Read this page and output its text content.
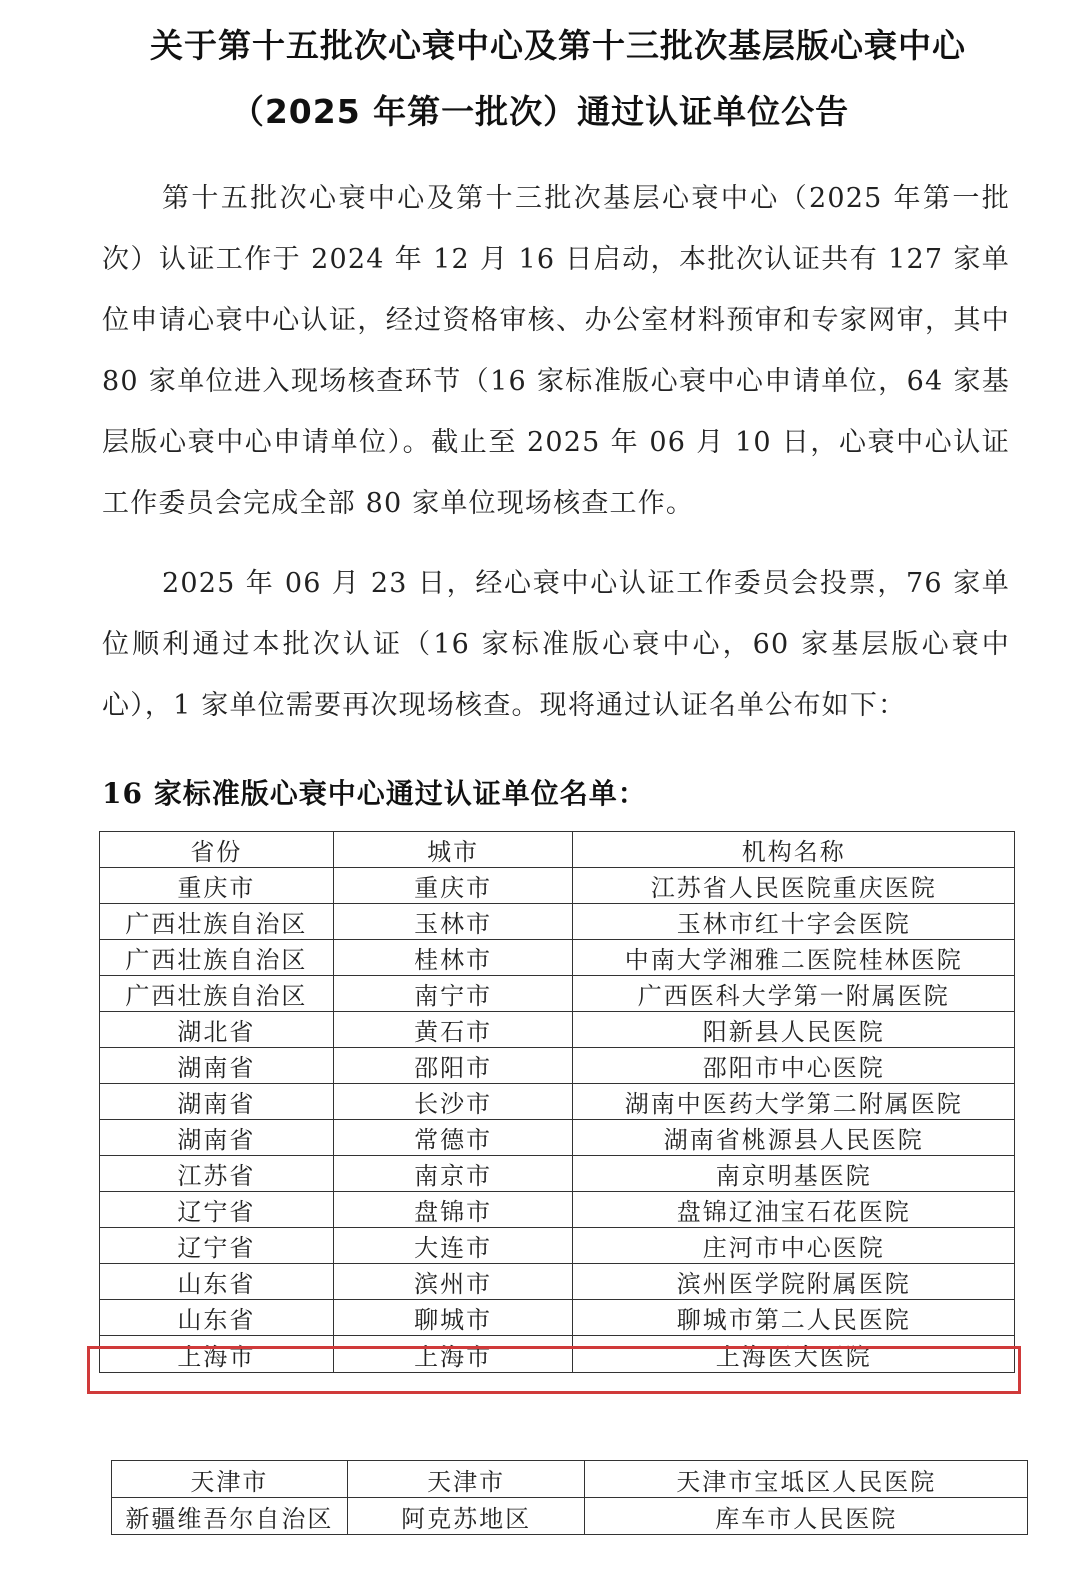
关于第十五批次心衰中心及第十三批次基层版心衰中心
（2025 年第一批次）通过认证单位公告

第十五批次心衰中心及第十三批次基层心衰中心（2025 年第一批次）认证工作于 2024 年 12 月 16 日启动，本批次认证共有 127 家单位申请心衰中心认证，经过资格审核、办公室材料预审和专家网审，其中 80 家单位进入现场核查环节（16 家标准版心衰中心申请单位，64 家基层版心衰中心申请单位）。截止至 2025 年 06 月 10 日，心衰中心认证工作委员会完成全部 80 家单位现场核查工作。

2025 年 06 月 23 日，经心衰中心认证工作委员会投票，76 家单位顺利通过本批次认证（16 家标准版心衰中心，60 家基层版心衰中心），1 家单位需要再次现场核查。现将通过认证名单公布如下：

16 家标准版心衰中心通过认证单位名单：
省份	城市	机构名称
重庆市	重庆市	江苏省人民医院重庆医院
广西壮族自治区	玉林市	玉林市红十字会医院
广西壮族自治区	桂林市	中南大学湘雅二医院桂林医院
广西壮族自治区	南宁市	广西医科大学第一附属医院
湖北省	黄石市	阳新县人民医院
湖南省	邵阳市	邵阳市中心医院
湖南省	长沙市	湖南中医药大学第二附属医院
湖南省	常德市	湖南省桃源县人民医院
江苏省	南京市	南京明基医院
辽宁省	盘锦市	盘锦辽油宝石花医院
辽宁省	大连市	庄河市中心医院
山东省	滨州市	滨州医学院附属医院
山东省	聊城市	聊城市第二人民医院
上海市	上海市	上海医大医院
天津市	天津市	天津市宝坻区人民医院
新疆维吾尔自治区	阿克苏地区	库车市人民医院
